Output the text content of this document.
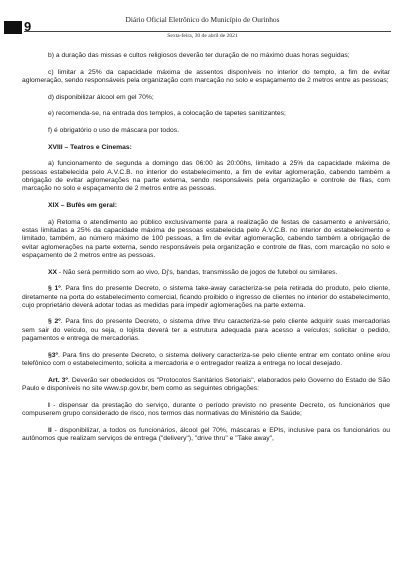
9	Diário Oficial Eletrônico do Município de Ourinhos
Sexta-feira, 30 de abril de 2021

b) a duração das missas e cultos religiosos deverão ter duração de no máximo duas horas seguidas;

c) limitar a 25% da capacidade máxima de assentos disponíveis no interior do templo, a fim de evitar aglomeração, sendo responsáveis pela organização com marcação no solo e espaçamento de 2 metros entre as pessoas;

d) disponibilizar álcool em gel 70%;

e) recomenda-se, na entrada dos templos, a colocação de tapetes sanitizantes;

f) é obrigatório o uso de máscara por todos.

XVIII – Teatros e Cinemas:

a) funcionamento de segunda a domingo das 06:00 às 20:00hs, limitado a 25% da capacidade máxima de pessoas estabelecida pelo A.V.C.B. no interior do estabelecimento, a fim de evitar aglomeração, cabendo também a obrigação de evitar aglomerações na parte externa, sendo responsáveis pela organização e controle de filas, com marcação no solo e espaçamento de 2 metros entre as pessoas.

XIX – Bufês em geral:

a) Retoma o atendimento ao público exclusivamente para a realização de festas de casamento e aniversário, estas limitadas a 25% da capacidade máxima de pessoas estabelecida pelo A.V.C.B. no interior do estabelecimento e limitado, também, ao número máximo de 100 pessoas, a fim de evitar aglomeração, cabendo também a obrigação de evitar aglomerações na parte externa, sendo responsáveis pela organização e controle de filas, com marcação no solo e espaçamento de 2 metros entre as pessoas.

XX - Não será permitido som ao vivo, Dj's, bandas, transmissão de jogos de futebol ou similares.

§ 1º. Para fins do presente Decreto, o sistema take-away caracteriza-se pela retirada do produto, pelo cliente, diretamente na porta do estabelecimento comercial, ficando proibido o ingresso de clientes no interior do estabelecimento, cujo proprietário deverá adotar todas as medidas para impedir aglomerações na parte externa.

§ 2º. Para fins do presente Decreto, o sistema drive thru caracteriza-se pelo cliente adquirir suas mercadorias sem sair do veículo, ou seja, o lojista deverá ter a estrutura adequada para acesso a veículos; solicitar o pedido, pagamentos e entrega de mercadorias.

§3º. Para fins do presente Decreto, o sistema delivery caracteriza-se pelo cliente entrar em contato online e/ou telefônico com o estabelecimento, solicita a mercadoria e o entregador realiza a entrega no local desejado.

Art. 3º. Deverão ser obedecidos os "Protocolos Sanitários Setoriais", elaborados pelo Governo do Estado de São Paulo e disponíveis no site www.sp.gov.br, bem como as seguintes obrigações:

I - dispensar da prestação do serviço, durante o período previsto no presente Decreto, os funcionários que compuserem grupo considerado de risco, nos termos das normativas do Ministério da Saúde;

II - disponibilizar, a todos os funcionários, álcool gel 70%, máscaras e EPIs, inclusive para os funcionários ou autônomos que realizam serviços de entrega ("delivery"), "drive thru" e "Take away",
